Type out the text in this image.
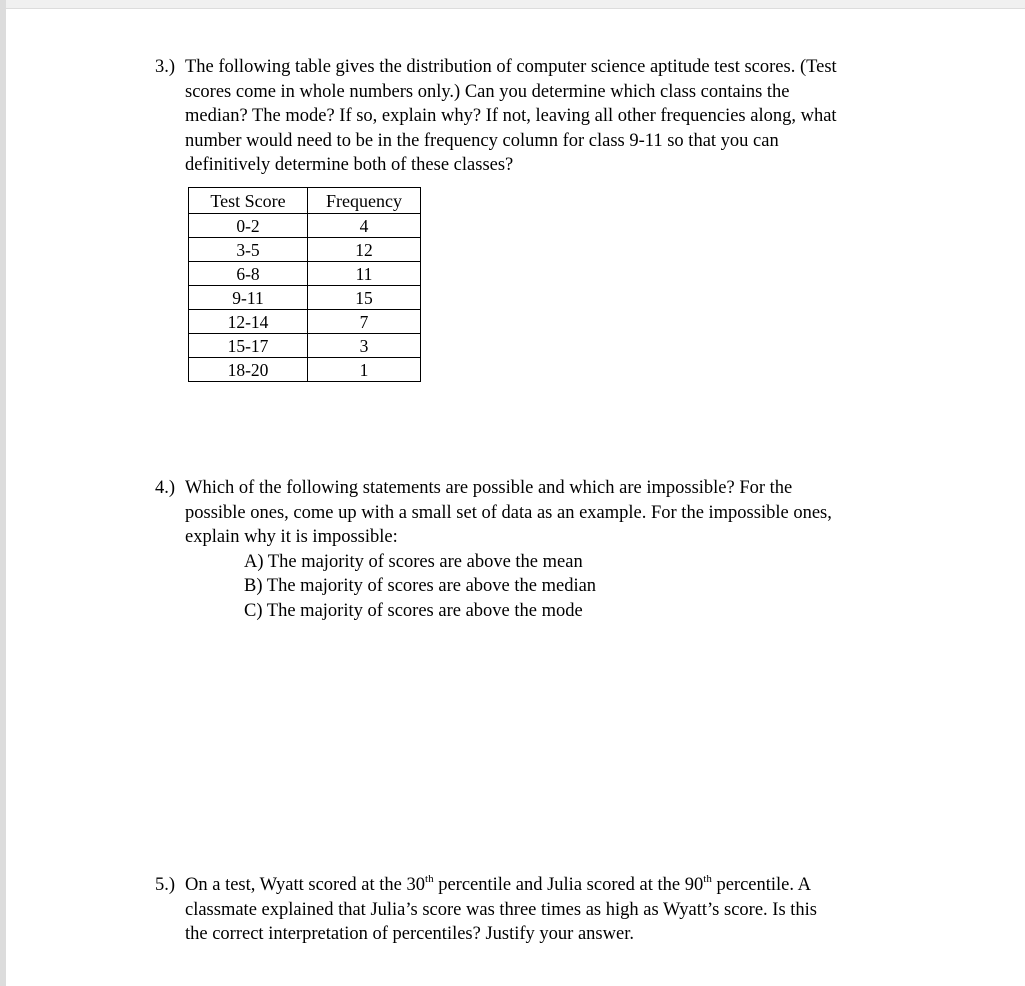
3.) The following table gives the distribution of computer science aptitude test scores. (Test
scores come in whole numbers only.) Can you determine which class contains the
median? The mode? If so, explain why? If not, leaving all other frequencies along, what
number would need to be in the frequency column for class 9-11 so that you can
definitively determine both of these classes?
Test Score	Frequency
0-2	4
3-5	12
6-8	11
9-11	15
12-14	7
15-17	3
18-20	1
4.) Which of the following statements are possible and which are impossible? For the
possible ones, come up with a small set of data as an example. For the impossible ones,
explain why it is impossible:
A) The majority of scores are above the mean
B) The majority of scores are above the median
C) The majority of scores are above the mode
5.) On a test, Wyatt scored at the 30th percentile and Julia scored at the 90th percentile. A
classmate explained that Julia’s score was three times as high as Wyatt’s score. Is this
the correct interpretation of percentiles? Justify your answer.
